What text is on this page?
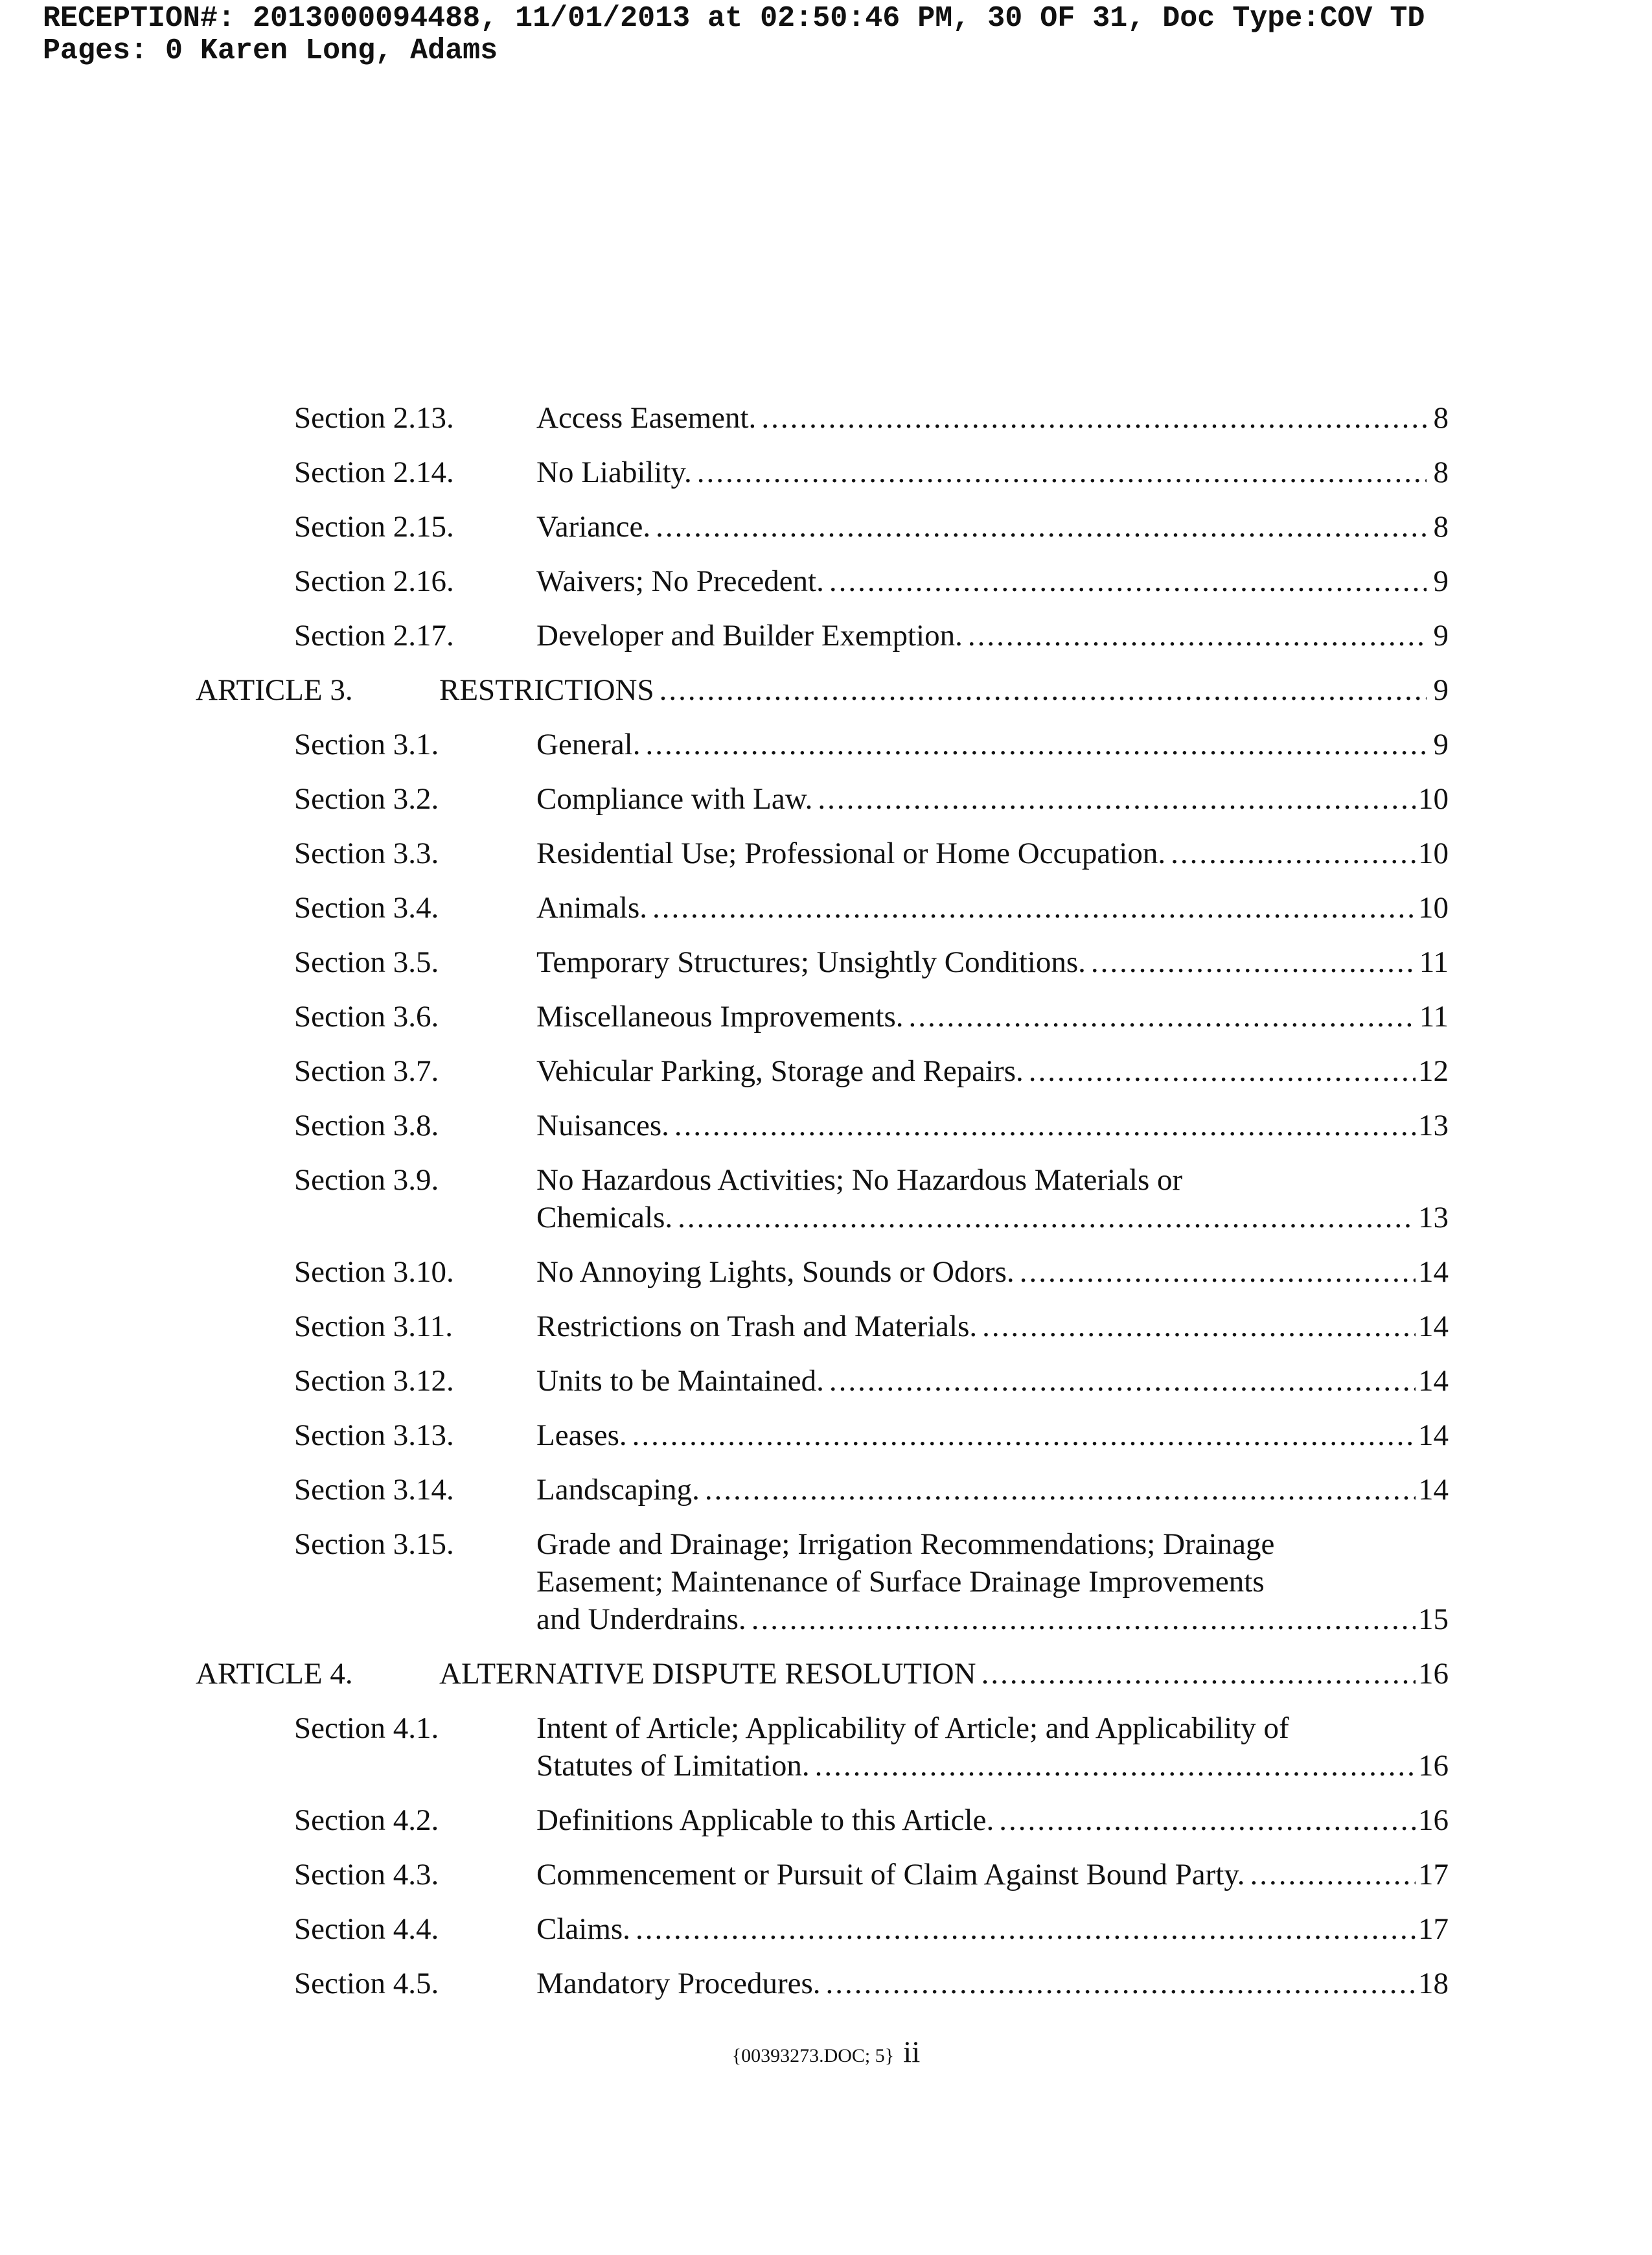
RECEPTION#: 2013000094488, 11/01/2013 at 02:50:46 PM, 30 OF 31, Doc Type:COV TD
Pages: 0 Karen Long, Adams
Section 2.13.	Access Easement. .....	8
Section 2.14.	No Liability. .....	8
Section 2.15.	Variance. .....	8
Section 2.16.	Waivers; No Precedent. .....	9
Section 2.17.	Developer and Builder Exemption. .....	9
ARTICLE 3.	RESTRICTIONS .....	9
Section 3.1.	General. .....	9
Section 3.2.	Compliance with Law. .....	10
Section 3.3.	Residential Use; Professional or Home Occupation. .....	10
Section 3.4.	Animals. .....	10
Section 3.5.	Temporary Structures; Unsightly Conditions. .....	11
Section 3.6.	Miscellaneous Improvements. .....	11
Section 3.7.	Vehicular Parking, Storage and Repairs. .....	12
Section 3.8.	Nuisances. .....	13
Section 3.9.	No Hazardous Activities; No Hazardous Materials or
Chemicals. .....	13
Section 3.10.	No Annoying Lights, Sounds or Odors. .....	14
Section 3.11.	Restrictions on Trash and Materials. .....	14
Section 3.12.	Units to be Maintained. .....	14
Section 3.13.	Leases. .....	14
Section 3.14.	Landscaping. .....	14
Section 3.15.	Grade and Drainage; Irrigation Recommendations; Drainage
Easement; Maintenance of Surface Drainage Improvements
and Underdrains. .....	15
ARTICLE 4.	ALTERNATIVE DISPUTE RESOLUTION .....	16
Section 4.1.	Intent of Article; Applicability of Article; and Applicability of
Statutes of Limitation. .....	16
Section 4.2.	Definitions Applicable to this Article. .....	16
Section 4.3.	Commencement or Pursuit of Claim Against Bound Party. .....	17
Section 4.4.	Claims. .....	17
Section 4.5.	Mandatory Procedures. .....	18
{00393273.DOC; 5} ii
